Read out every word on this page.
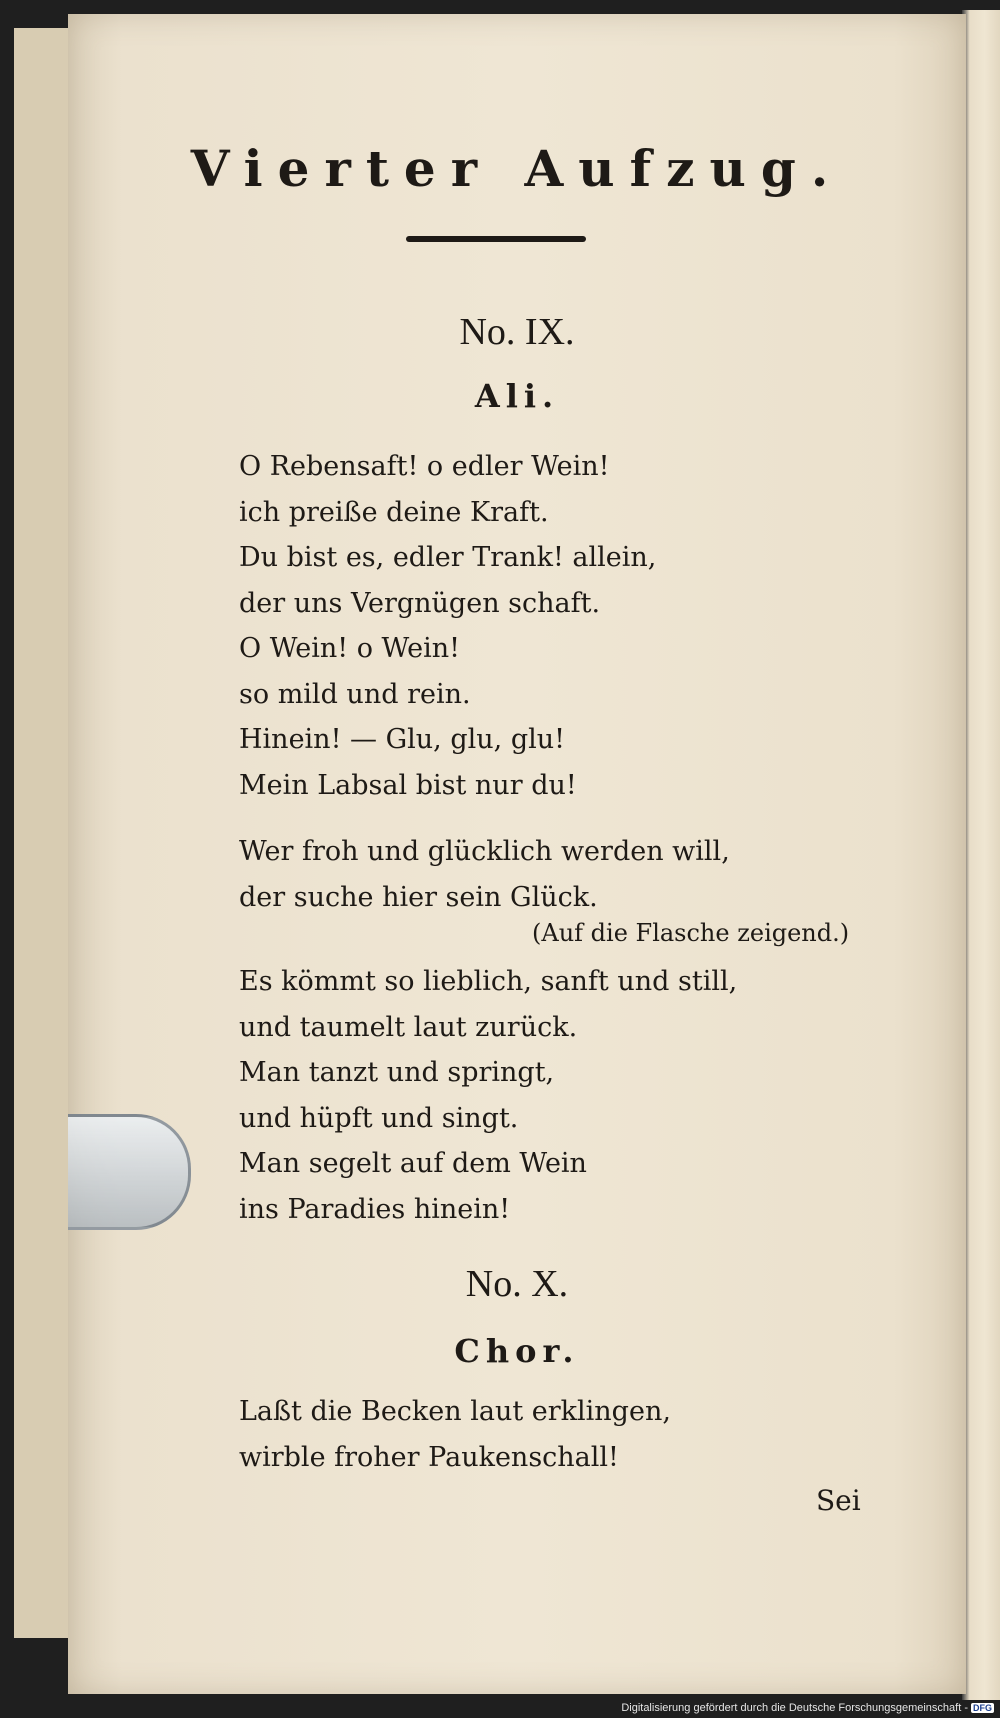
Vierter Aufzug.
No. IX.
Ali.
O Rebensaft! o edler Wein!
ich preiße deine Kraft.
Du bist es, edler Trank! allein,
der uns Vergnügen schaft.
O Wein! o Wein!
so mild und rein.
Hinein! — Glu, glu, glu!
Mein Labsal bist nur du!
Wer froh und glücklich werden will,
der suche hier sein Glück.
(Auf die Flasche zeigend.)
Es kömmt so lieblich, sanft und still,
und taumelt laut zurück.
Man tanzt und springt,
und hüpft und singt.
Man segelt auf dem Wein
ins Paradies hinein!
No. X.
Chor.
Laßt die Becken laut erklingen,
wirble froher Paukenschall!
Sei
Digitalisierung gefördert durch die Deutsche Forschungsgemeinschaft - DFG
